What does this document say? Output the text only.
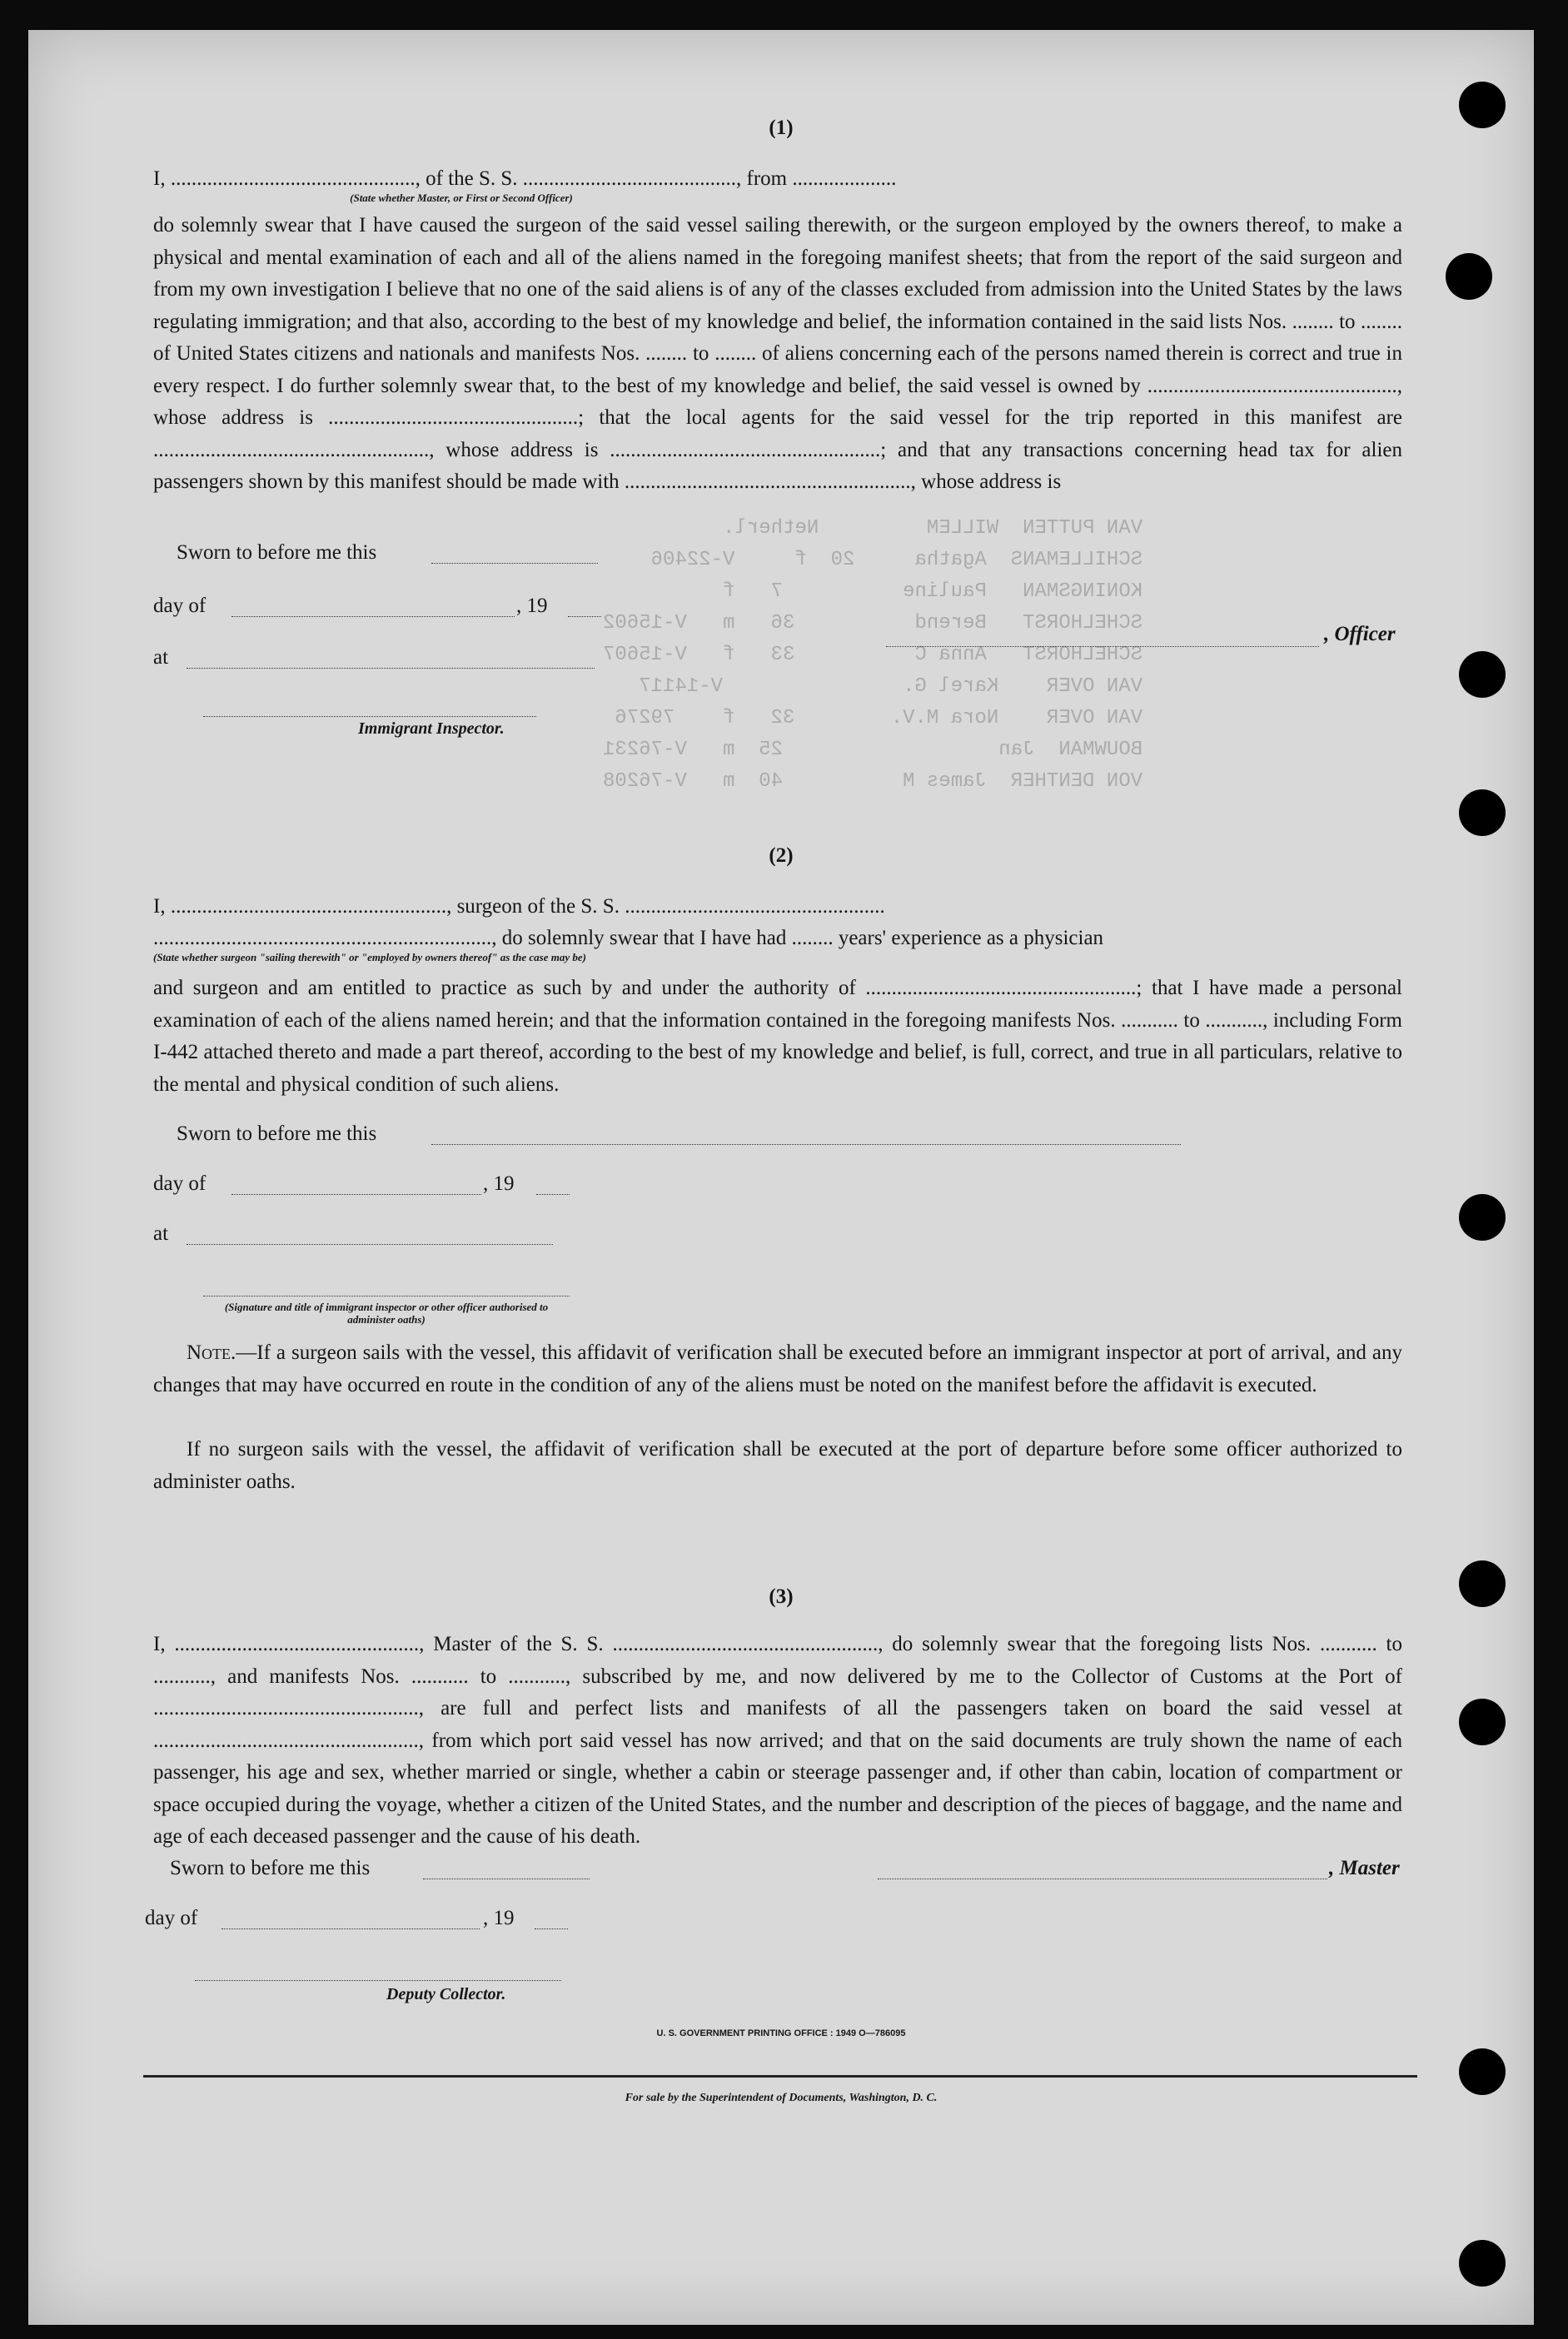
VAN PUTTEN  WILLEM         Netherl.
SCHILLEMANS  Agatha     20  f     V-22406
KONINGSMAN   Pauline          7   f
SCHELHORST   Berend          36   m   V-15602
SCHELHORST   Anna C          33   f   V-15607
VAN OVER    Karel G.               V-14117
VAN OVER    Nora M.V.        32   f    79276
BOUWMAN  Jan                  25  m   V-76231
VON DENTHER  James M          40  m   V-76208
(1)
I, ..............................................., of the S. S. ........................................., from ....................
(State whether Master, or First or Second Officer)
do solemnly swear that I have caused the surgeon of the said vessel sailing therewith, or the surgeon employed by the owners thereof, to make a physical and mental examination of each and all of the aliens named in the foregoing manifest sheets; that from the report of the said surgeon and from my own investigation I believe that no one of the said aliens is of any of the classes excluded from admission into the United States by the laws regulating immigration; and that also, according to the best of my knowledge and belief, the information contained in the said lists Nos. ........ to ........ of United States citizens and nationals and manifests Nos. ........ to ........ of aliens concerning each of the persons named therein is correct and true in every respect. I do further solemnly swear that, to the best of my knowledge and belief, the said vessel is owned by ................................................, whose address is ................................................; that the local agents for the said vessel for the trip reported in this manifest are ....................................................., whose address is ....................................................; and that any transactions concerning head tax for alien passengers shown by this manifest should be made with ......................................................., whose address is
Sworn to before me this
day of	, 19
, Officer
at
Immigrant Inspector.
(2)
I, ....................................................., surgeon of the S. S. ..................................................
................................................................., do solemnly swear that I have had ........ years' experience as a physician
(State whether surgeon "sailing therewith" or "employed by owners thereof" as the case may be)
and surgeon and am entitled to practice as such by and under the authority of ....................................................; that I have made a personal examination of each of the aliens named herein; and that the information contained in the foregoing manifests Nos. ........... to ..........., including Form I-442 attached thereto and made a part thereof, according to the best of my knowledge and belief, is full, correct, and true in all particulars, relative to the mental and physical condition of such aliens.
Sworn to before me this
day of	, 19
at
(Signature and title of immigrant inspector or other officer authorised to administer oaths)
Note.—If a surgeon sails with the vessel, this affidavit of verification shall be executed before an immigrant inspector at port of arrival, and any changes that may have occurred en route in the condition of any of the aliens must be noted on the manifest before the affidavit is executed.
If no surgeon sails with the vessel, the affidavit of verification shall be executed at the port of departure before some officer authorized to administer oaths.
(3)
I, ..............................................., Master of the S. S. ..................................................., do solemnly swear that the foregoing lists Nos. ........... to ..........., and manifests Nos. ........... to ..........., subscribed by me, and now delivered by me to the Collector of Customs at the Port of ..................................................., are full and perfect lists and manifests of all the passengers taken on board the said vessel at ..................................................., from which port said vessel has now arrived; and that on the said documents are truly shown the name of each passenger, his age and sex, whether married or single, whether a cabin or steerage passenger and, if other than cabin, location of compartment or space occupied during the voyage, whether a citizen of the United States, and the number and description of the pieces of baggage, and the name and age of each deceased passenger and the cause of his death.
Sworn to before me this	, Master
day of	, 19
Deputy Collector.
U. S. GOVERNMENT PRINTING OFFICE : 1949 O—786095
For sale by the Superintendent of Documents, Washington, D. C.
